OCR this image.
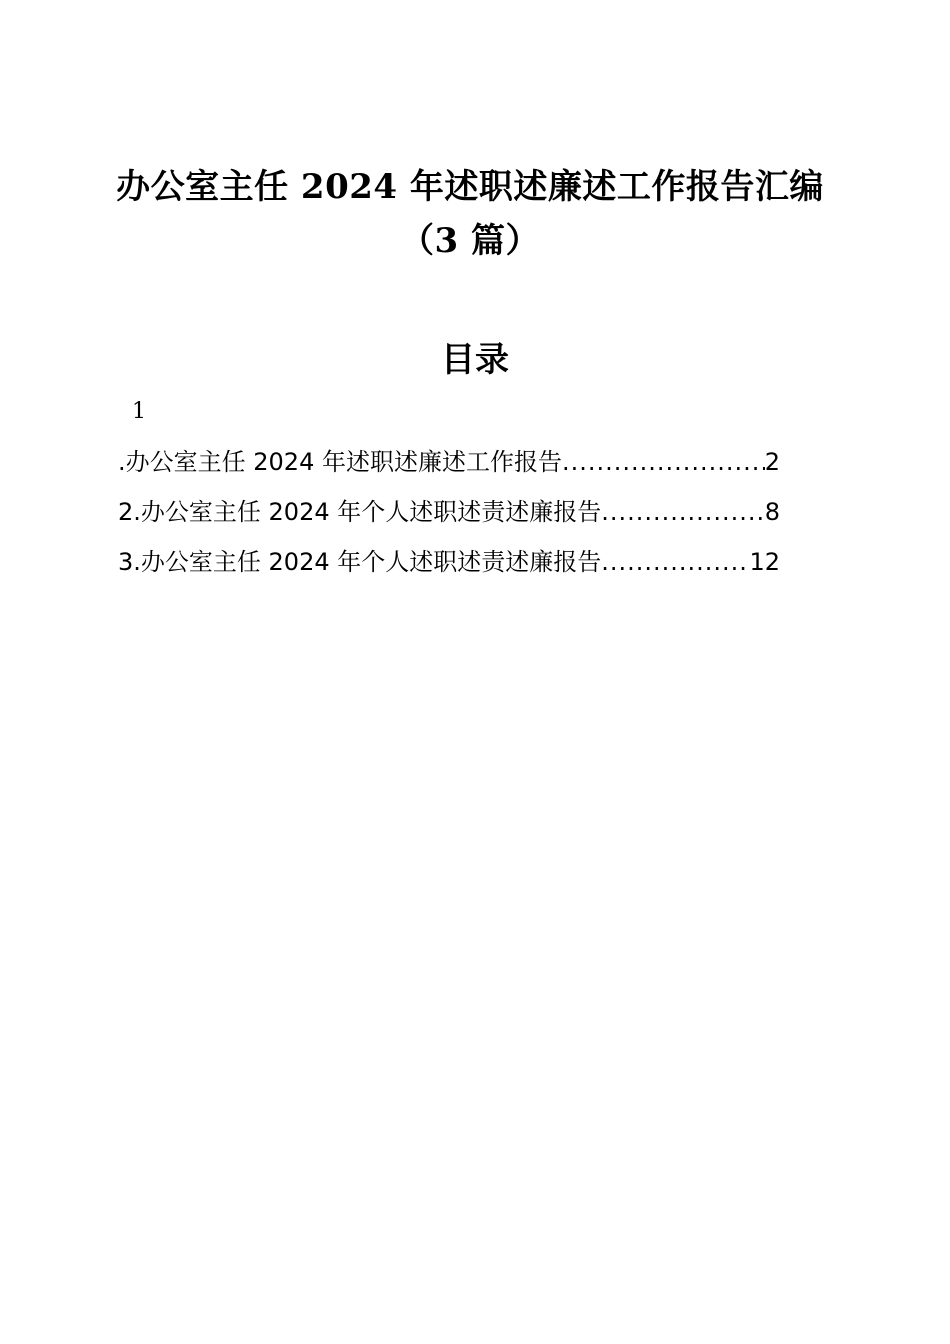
办公室主任 2024 年述职述廉述工作报告汇编
（3 篇）
目录
1
.办公室主任 2024 年述职述廉述工作报告 .....	2
2.办公室主任 2024 年个人述职述责述廉报告 .....	8
3.办公室主任 2024 年个人述职述责述廉报告 .....	12
